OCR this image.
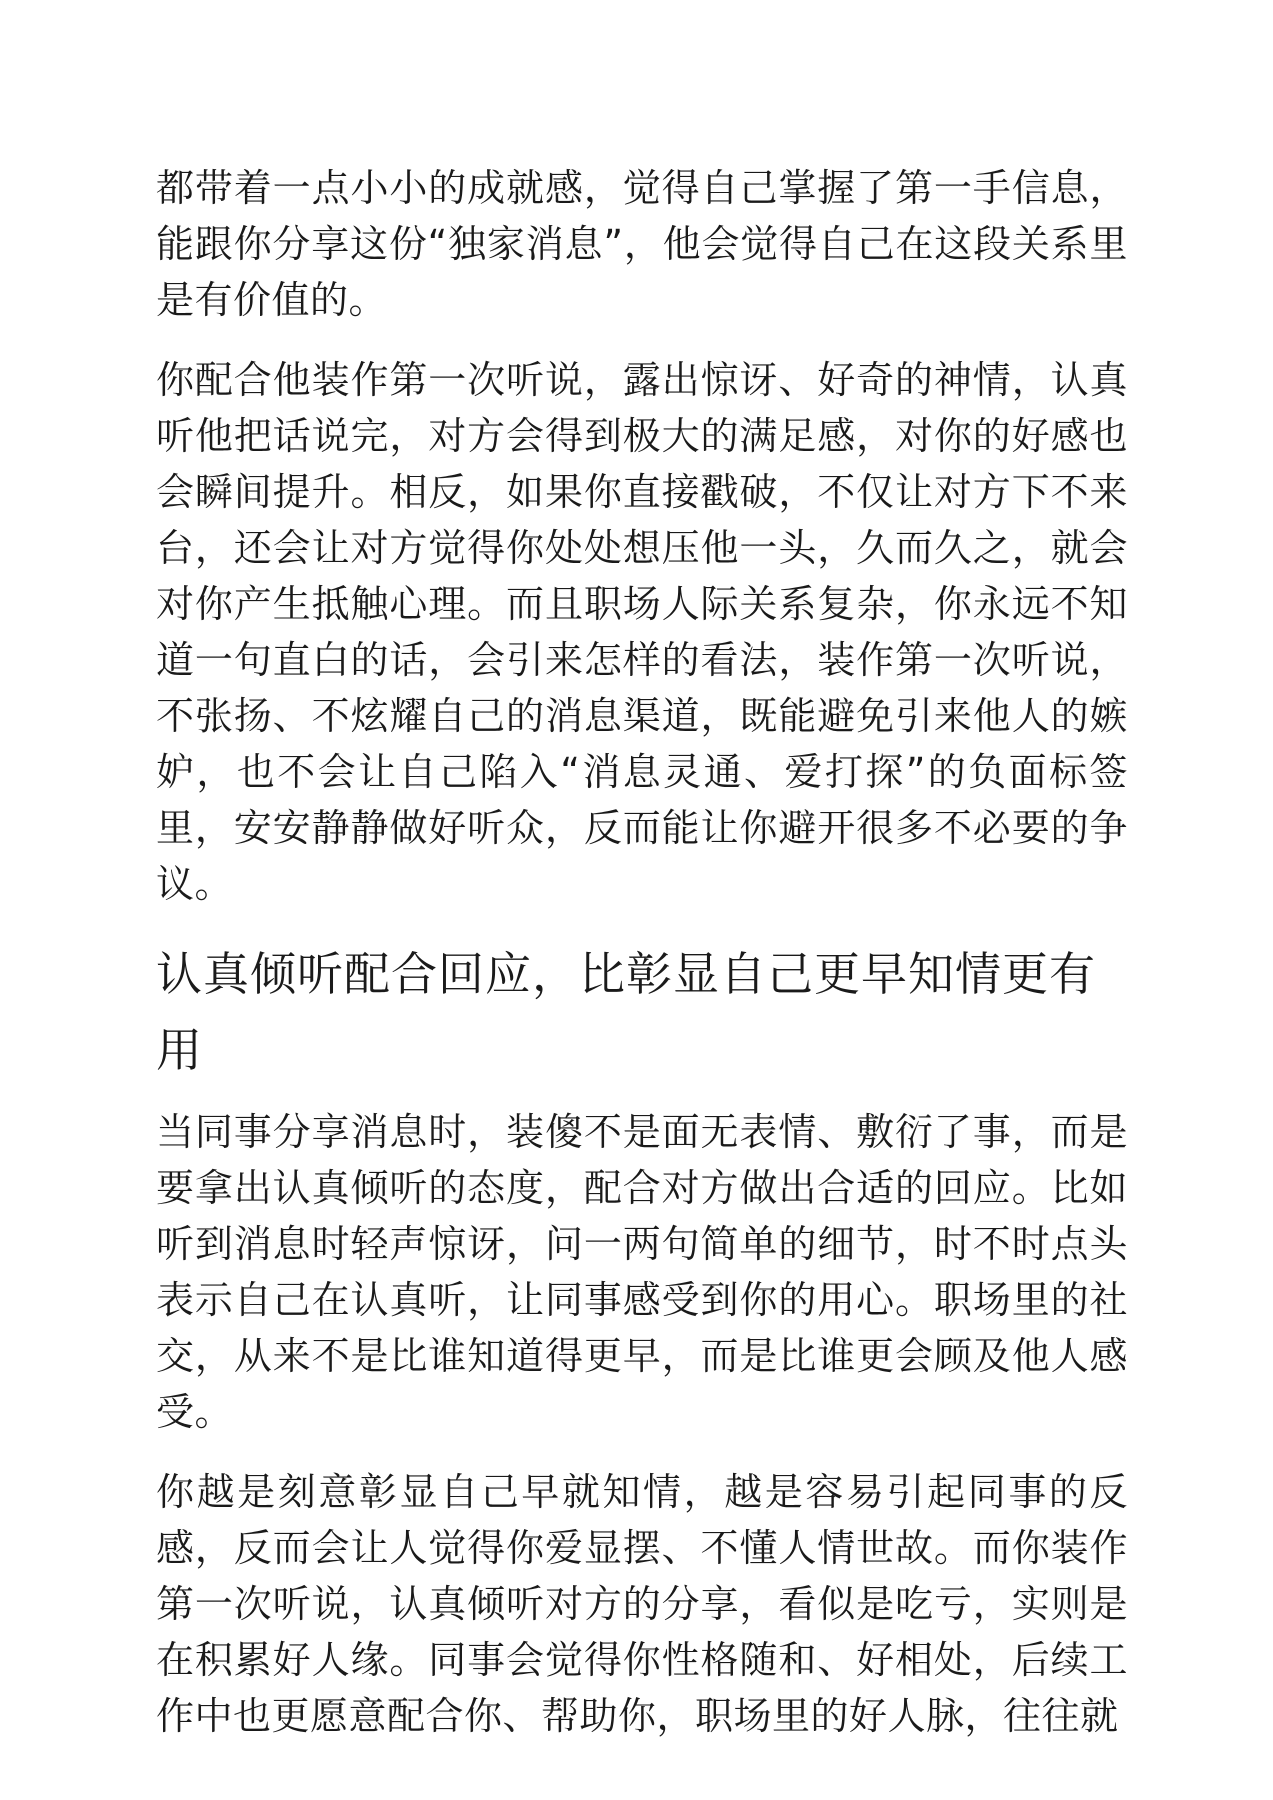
都带着一点小小的成就感，觉得自己掌握了第一手信息，能跟你分享这份“独家消息”，他会觉得自己在这段关系里是有价值的。

你配合他装作第一次听说，露出惊讶、好奇的神情，认真听他把话说完，对方会得到极大的满足感，对你的好感也会瞬间提升。相反，如果你直接戳破，不仅让对方下不来台，还会让对方觉得你处处想压他一头，久而久之，就会对你产生抵触心理。而且职场人际关系复杂，你永远不知道一句直白的话，会引来怎样的看法，装作第一次听说，不张扬、不炫耀自己的消息渠道，既能避免引来他人的嫉妒，也不会让自己陷入“消息灵通、爱打探”的负面标签里，安安静静做好听众，反而能让你避开很多不必要的争议。

认真倾听配合回应，比彰显自己更早知情更有用

当同事分享消息时，装傻不是面无表情、敷衍了事，而是要拿出认真倾听的态度，配合对方做出合适的回应。比如听到消息时轻声惊讶，问一两句简单的细节，时不时点头表示自己在认真听，让同事感受到你的用心。职场里的社交，从来不是比谁知道得更早，而是比谁更会顾及他人感受。

你越是刻意彰显自己早就知情，越是容易引起同事的反感，反而会让人觉得你爱显摆、不懂人情世故。而你装作第一次听说，认真倾听对方的分享，看似是吃亏，实则是在积累好人缘。同事会觉得你性格随和、好相处，后续工作中也更愿意配合你、帮助你，职场里的好人脉，往往就
